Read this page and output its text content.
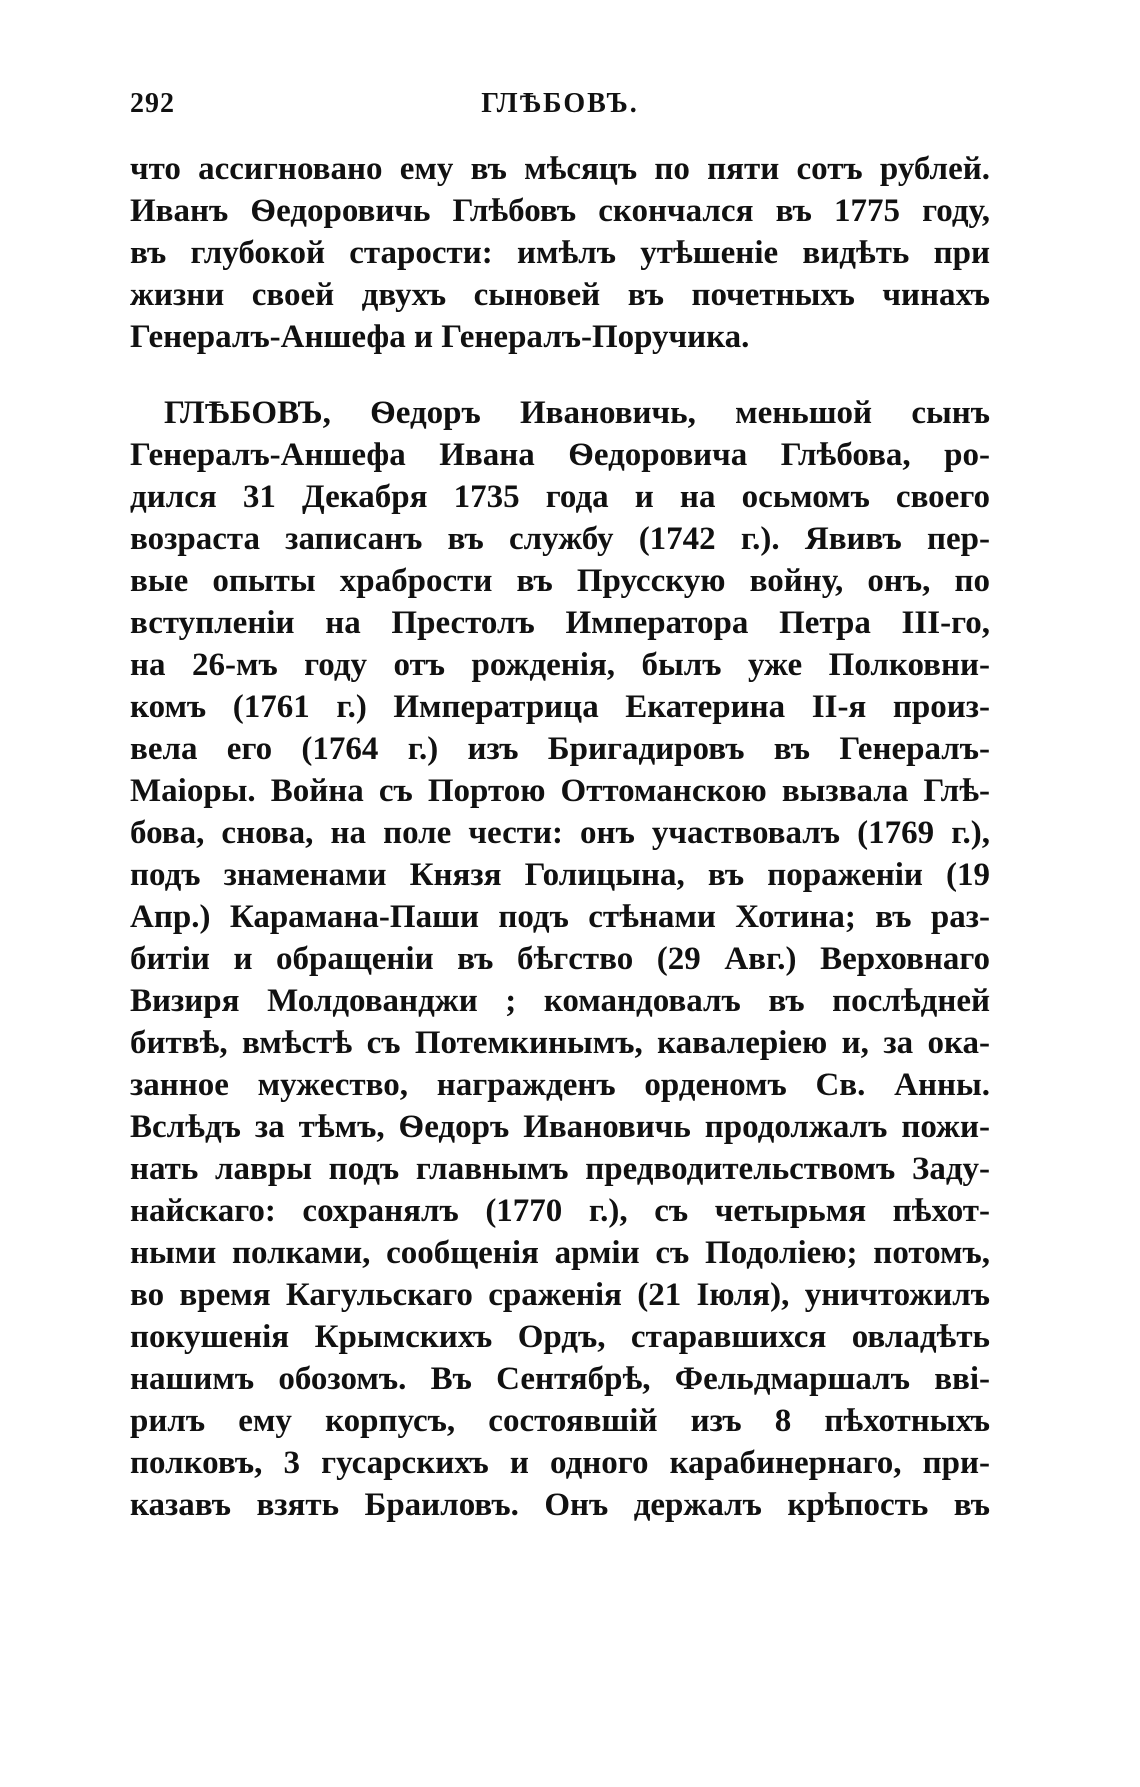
292	ГЛѢБОВЪ.
что ассигновано ему въ мѣсяцъ по пяти сотъ рублей.
Иванъ Ѳедоровичь Глѣбовъ скончался въ 1775 году,
въ глубокой старости: имѣлъ утѣшеніе видѣть при
жизни своей двухъ сыновей въ почетныхъ чинахъ
Генералъ-Аншефа и Генералъ-Поручика.
ГЛѢБОВЪ, Ѳедоръ Ивановичь, меньшой сынъ
Генералъ-Аншефа Ивана Ѳедоровича Глѣбова, ро-
дился 31 Декабря 1735 года и на осьмомъ своего
возраста записанъ въ службу (1742 г.). Явивъ пер-
вые опыты храбрости въ Прусскую войну, онъ, по
вступленіи на Престолъ Императора Петра III-го,
на 26-мъ году отъ рожденія, былъ уже Полковни-
комъ (1761 г.) Императрица Екатерина II-я произ-
вела его (1764 г.) изъ Бригадировъ въ Генералъ-
Маіоры. Война съ Портою Оттоманскою вызвала Глѣ-
бова, снова, на поле чести: онъ участвовалъ (1769 г.),
подъ знаменами Князя Голицына, въ пораженіи (19
Апр.) Карамана-Паши подъ стѣнами Хотина; въ раз-
битіи и обращеніи въ бѣгство (29 Авг.) Верховнаго
Визиря Молдованджи ; командовалъ въ послѣдней
битвѣ, вмѣстѣ съ Потемкинымъ, кавалеріею и, за ока-
занное мужество, награжденъ орденомъ Св. Анны.
Вслѣдъ за тѣмъ, Ѳедоръ Ивановичь продолжалъ пожи-
нать лавры подъ главнымъ предводительствомъ Заду-
найскаго: сохранялъ (1770 г.), съ четырьмя пѣхот-
ными полками, сообщенія арміи съ Подоліею; потомъ,
во время Кагульскаго сраженія (21 Іюля), уничтожилъ
покушенія Крымскихъ Ордъ, старавшихся овладѣть
нашимъ обозомъ. Въ Сентябрѣ, Фельдмаршалъ вві-
рилъ ему корпусъ, состоявшій изъ 8 пѣхотныхъ
полковъ, 3 гусарскихъ и одного карабинернаго, при-
казавъ взять Браиловъ. Онъ держалъ крѣпость въ
